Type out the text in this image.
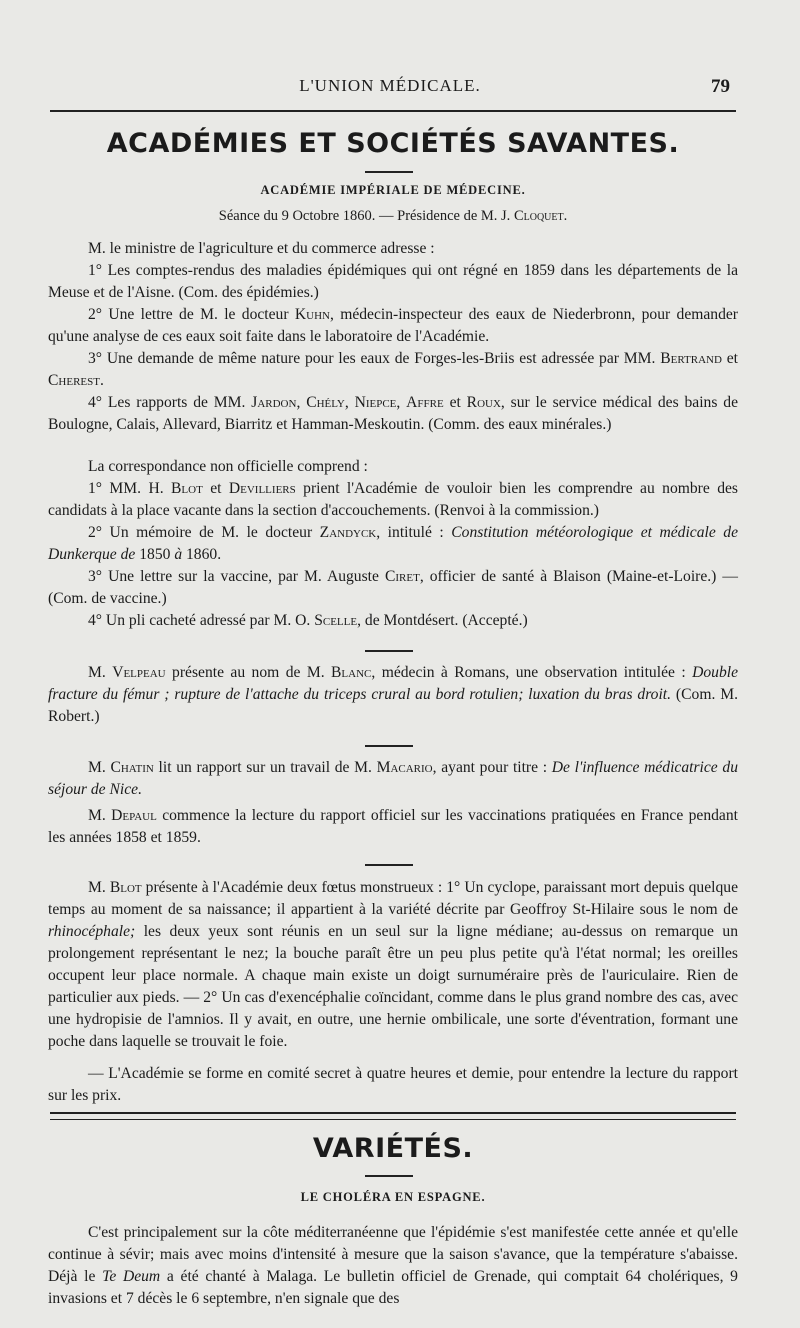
L'UNION MÉDICALE.	79
ACADÉMIES ET SOCIÉTÉS SAVANTES.
ACADÉMIE IMPÉRIALE DE MÉDECINE.
Séance du 9 Octobre 1860. — Présidence de M. J. Cloquet.

M. le ministre de l'agriculture et du commerce adresse :

1° Les comptes-rendus des maladies épidémiques qui ont régné en 1859 dans les départements de la Meuse et de l'Aisne. (Com. des épidémies.)

2° Une lettre de M. le docteur Kuhn, médecin-inspecteur des eaux de Niederbronn, pour demander qu'une analyse de ces eaux soit faite dans le laboratoire de l'Académie.

3° Une demande de même nature pour les eaux de Forges-les-Briis est adressée par MM. Bertrand et Cherest.

4° Les rapports de MM. Jardon, Chély, Niepce, Affre et Roux, sur le service médical des bains de Boulogne, Calais, Allevard, Biarritz et Hamman-Meskoutin. (Comm. des eaux minérales.)

La correspondance non officielle comprend :

1° MM. H. Blot et Devilliers prient l'Académie de vouloir bien les comprendre au nombre des candidats à la place vacante dans la section d'accouchements. (Renvoi à la commission.)

2° Un mémoire de M. le docteur Zandyck, intitulé : Constitution météorologique et médicale de Dunkerque de 1850 à 1860.

3° Une lettre sur la vaccine, par M. Auguste Ciret, officier de santé à Blaison (Maine-et-Loire.) — (Com. de vaccine.)

4° Un pli cacheté adressé par M. O. Scelle, de Montdésert. (Accepté.)

M. Velpeau présente au nom de M. Blanc, médecin à Romans, une observation intitulée : Double fracture du fémur ; rupture de l'attache du triceps crural au bord rotulien; luxation du bras droit. (Com. M. Robert.)

M. Chatin lit un rapport sur un travail de M. Macario, ayant pour titre : De l'influence médicatrice du séjour de Nice.

M. Depaul commence la lecture du rapport officiel sur les vaccinations pratiquées en France pendant les années 1858 et 1859.

M. Blot présente à l'Académie deux fœtus monstrueux : 1° Un cyclope, paraissant mort depuis quelque temps au moment de sa naissance; il appartient à la variété décrite par Geoffroy St-Hilaire sous le nom de rhinocéphale; les deux yeux sont réunis en un seul sur la ligne médiane; au-dessus on remarque un prolongement représentant le nez; la bouche paraît être un peu plus petite qu'à l'état normal; les oreilles occupent leur place normale. A chaque main existe un doigt surnuméraire près de l'auriculaire. Rien de particulier aux pieds. — 2° Un cas d'exencéphalie coïncidant, comme dans le plus grand nombre des cas, avec une hydropisie de l'amnios. Il y avait, en outre, une hernie ombilicale, une sorte d'éventration, formant une poche dans laquelle se trouvait le foie.

— L'Académie se forme en comité secret à quatre heures et demie, pour entendre la lecture du rapport sur les prix.

VARIÉTÉS.
LE CHOLÉRA EN ESPAGNE.

C'est principalement sur la côte méditerranéenne que l'épidémie s'est manifestée cette année et qu'elle continue à sévir; mais avec moins d'intensité à mesure que la saison s'avance, que la température s'abaisse. Déjà le Te Deum a été chanté à Malaga. Le bulletin officiel de Grenade, qui comptait 64 cholériques, 9 invasions et 7 décès le 6 septembre, n'en signale que des
